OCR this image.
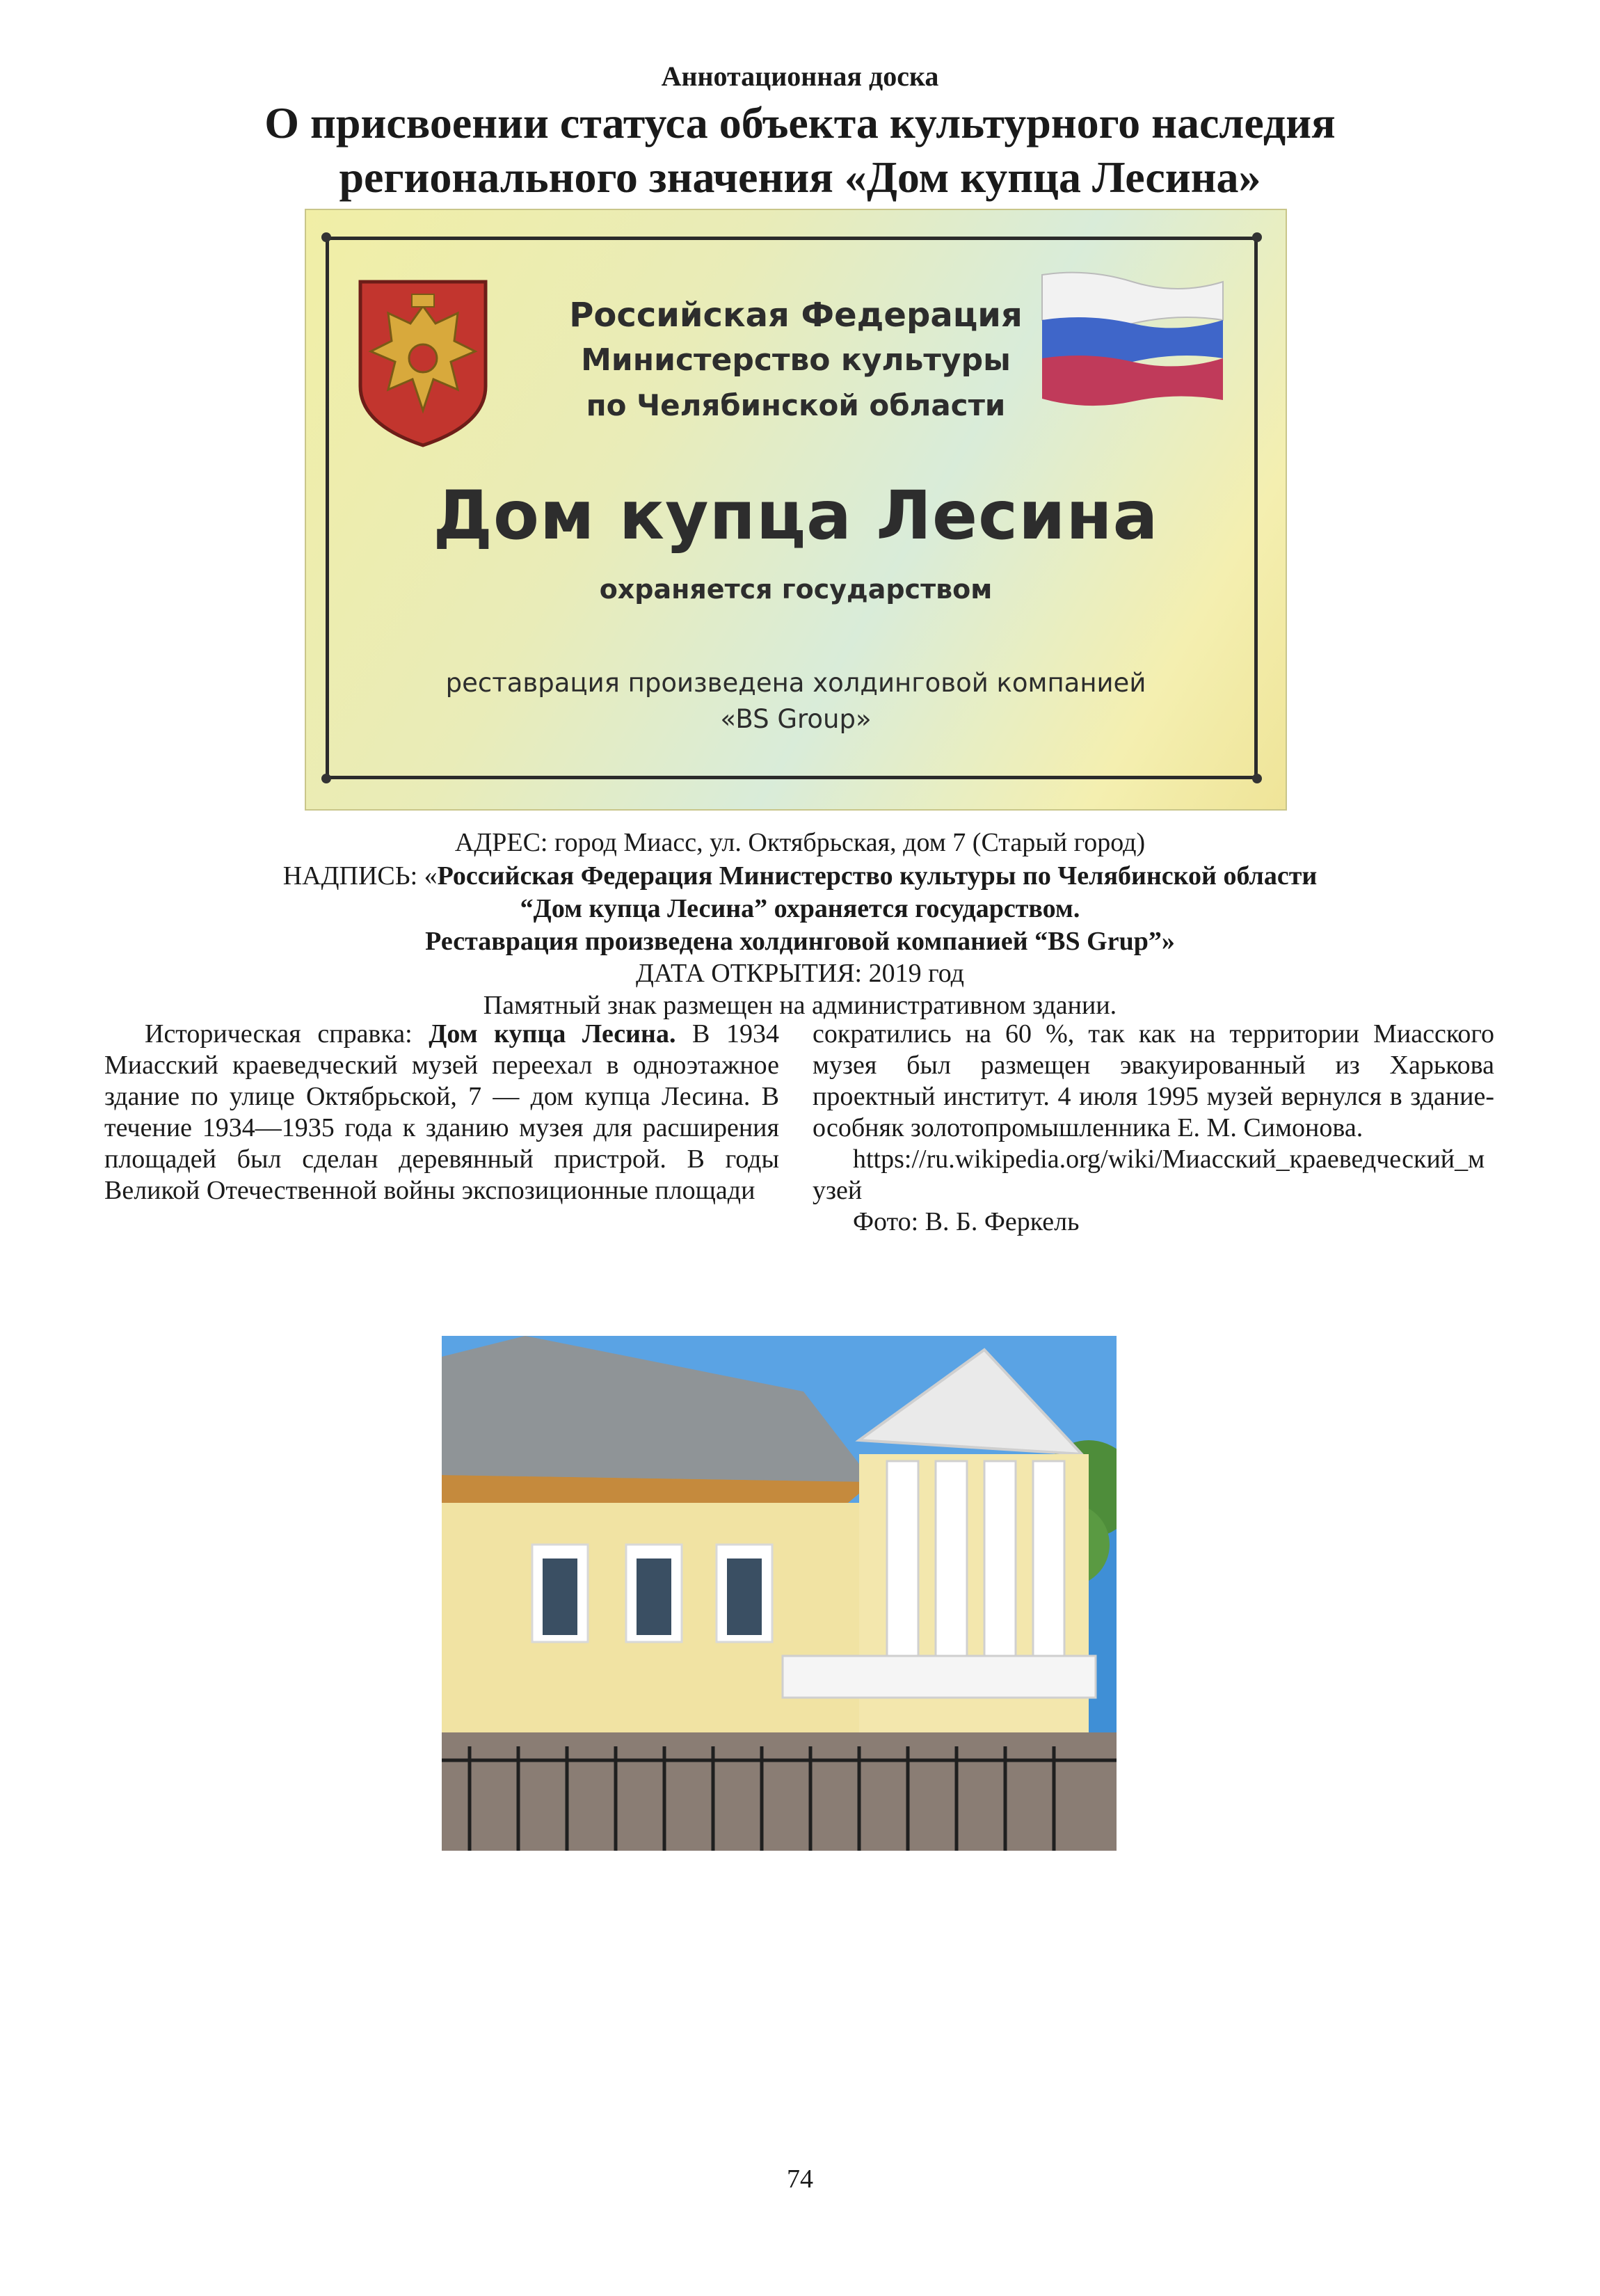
Аннотационная доска
О присвоении статуса объекта культурного наследия
регионального значения «Дом купца Лесина»
Российская Федерация
Министерство культуры
по Челябинской области
Дом купца Лесина
охраняется государством
реставрация произведена холдинговой компанией
«BS Group»
АДРЕС: город Миасс, ул. Октябрьская, дом 7 (Старый город)
НАДПИСЬ: «Российская Федерация Министерство культуры по Челябинской области
“Дом купца Лесина” охраняется государством.
Реставрация произведена холдинговой компанией “BS Grup”»
ДАТА ОТКРЫТИЯ: 2019 год
Памятный знак размещен на административном здании.

Историческая справка: Дом купца Лесина. В 1934 Миасский краеведческий музей переехал в одноэтажное здание по улице Октябрьской, 7 — дом купца Лесина. В течение 1934—1935 года к зданию музея для расширения площадей был сделан деревянный пристрой. В годы Великой Отечественной войны экспозиционные площади

сократились на 60 %, так как на территории Миасского музея был размещен эвакуированный из Харькова проектный институт. 4 июля 1995 музей вернулся в здание-особняк золотопромышленника Е. М. Симонова.

https://ru.wikipedia.org/wiki/Миасский_краеведческий_музей

Фото: В. Б. Феркель

74
